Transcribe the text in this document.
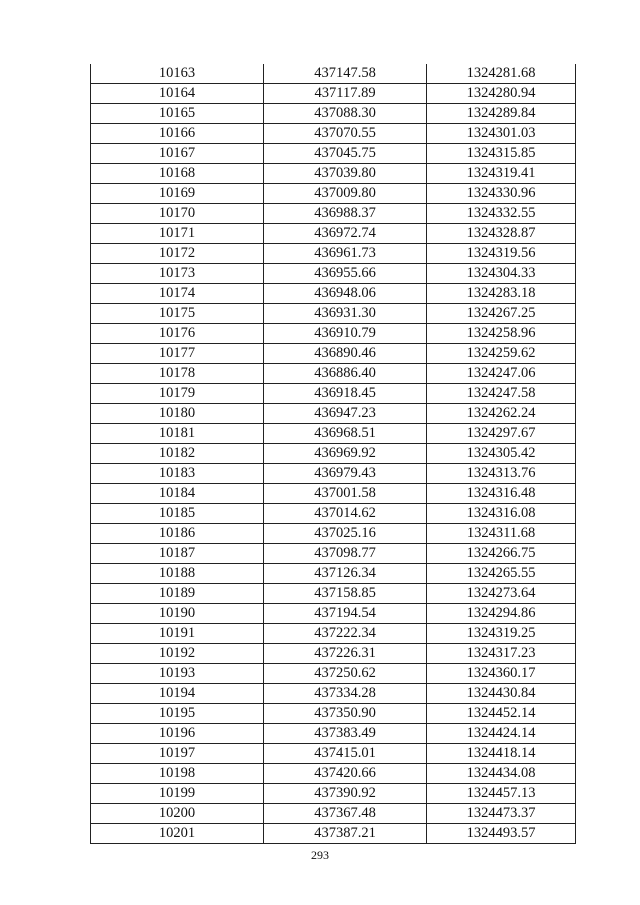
10163	437147.58	1324281.68
10164	437117.89	1324280.94
10165	437088.30	1324289.84
10166	437070.55	1324301.03
10167	437045.75	1324315.85
10168	437039.80	1324319.41
10169	437009.80	1324330.96
10170	436988.37	1324332.55
10171	436972.74	1324328.87
10172	436961.73	1324319.56
10173	436955.66	1324304.33
10174	436948.06	1324283.18
10175	436931.30	1324267.25
10176	436910.79	1324258.96
10177	436890.46	1324259.62
10178	436886.40	1324247.06
10179	436918.45	1324247.58
10180	436947.23	1324262.24
10181	436968.51	1324297.67
10182	436969.92	1324305.42
10183	436979.43	1324313.76
10184	437001.58	1324316.48
10185	437014.62	1324316.08
10186	437025.16	1324311.68
10187	437098.77	1324266.75
10188	437126.34	1324265.55
10189	437158.85	1324273.64
10190	437194.54	1324294.86
10191	437222.34	1324319.25
10192	437226.31	1324317.23
10193	437250.62	1324360.17
10194	437334.28	1324430.84
10195	437350.90	1324452.14
10196	437383.49	1324424.14
10197	437415.01	1324418.14
10198	437420.66	1324434.08
10199	437390.92	1324457.13
10200	437367.48	1324473.37
10201	437387.21	1324493.57
293
